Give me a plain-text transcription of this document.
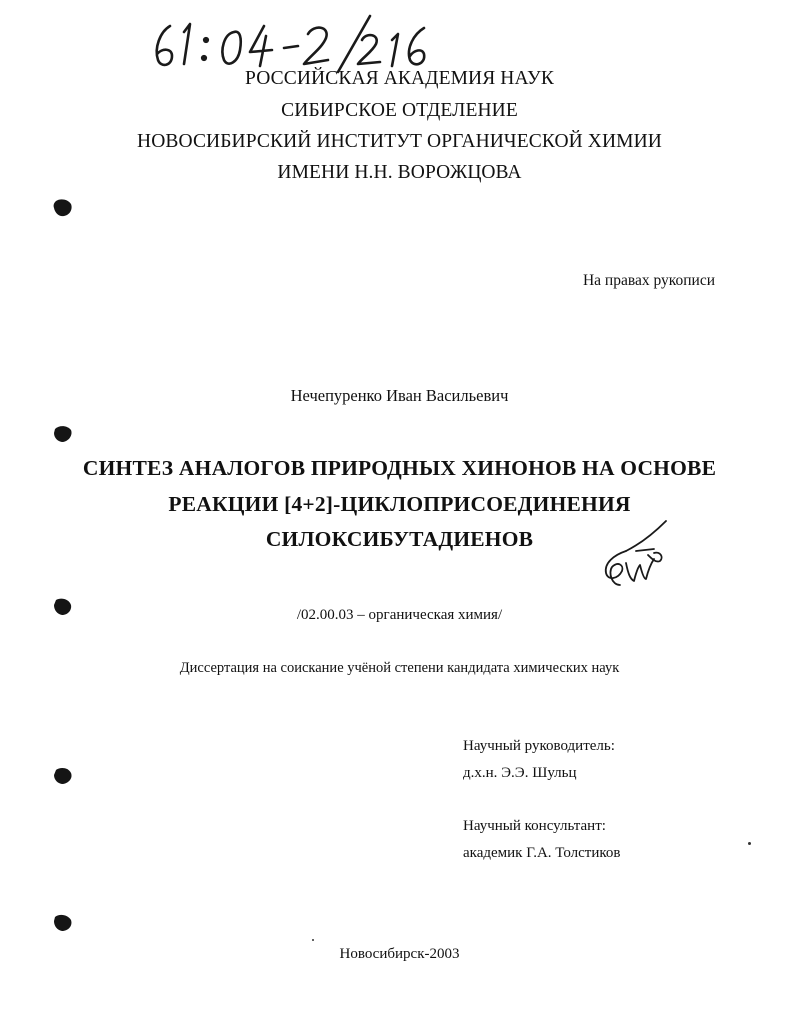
РОССИЙСКАЯ АКАДЕМИЯ НАУК
СИБИРСКОЕ ОТДЕЛЕНИЕ
НОВОСИБИРСКИЙ ИНСТИТУТ ОРГАНИЧЕСКОЙ ХИМИИ
ИМЕНИ Н.Н. ВОРОЖЦОВА
На правах рукописи
Нечепуренко Иван Васильевич
СИНТЕЗ АНАЛОГОВ ПРИРОДНЫХ ХИНОНОВ НА ОСНОВЕ
РЕАКЦИИ [4+2]-ЦИКЛОПРИСОЕДИНЕНИЯ
СИЛОКСИБУТАДИЕНОВ
/02.00.03 – органическая химия/
Диссертация на соискание учёной степени кандидата химических наук
Научный руководитель:
д.х.н. Э.Э. Шульц
Научный консультант:
академик Г.А. Толстиков
Новосибирск-2003
